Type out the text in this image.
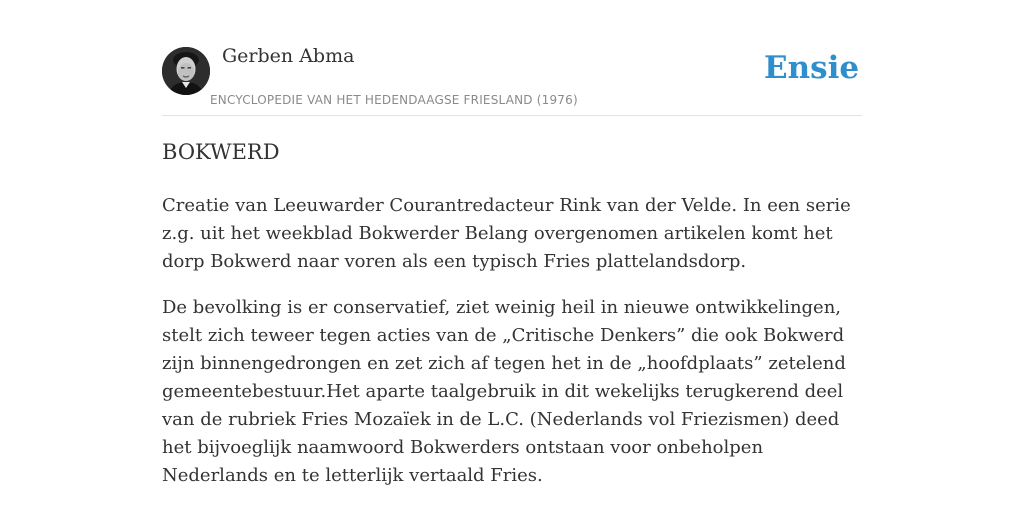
Gerben Abma
ENCYCLOPEDIE VAN HET HEDENDAAGSE FRIESLAND (1976)
Ensie
BOKWERD

Creatie van Leeuwarder Courantredacteur Rink van der Velde. In een serie z.g. uit het weekblad Bokwerder Belang overgenomen artikelen komt het dorp Bokwerd naar voren als een typisch Fries plattelandsdorp.

De bevolking is er conservatief, ziet weinig heil in nieuwe ontwikkelingen, stelt zich teweer tegen acties van de „Critische Denkers” die ook Bokwerd zijn binnengedrongen en zet zich af tegen het in de „hoofdplaats” zetelend gemeentebestuur.Het aparte taalgebruik in dit wekelijks terugkerend deel van de rubriek Fries Mozaïek in de L.C. (Nederlands vol Friezismen) deed het bijvoeglijk naamwoord Bokwerders ontstaan voor onbeholpen Nederlands en te letterlijk vertaald Fries.
